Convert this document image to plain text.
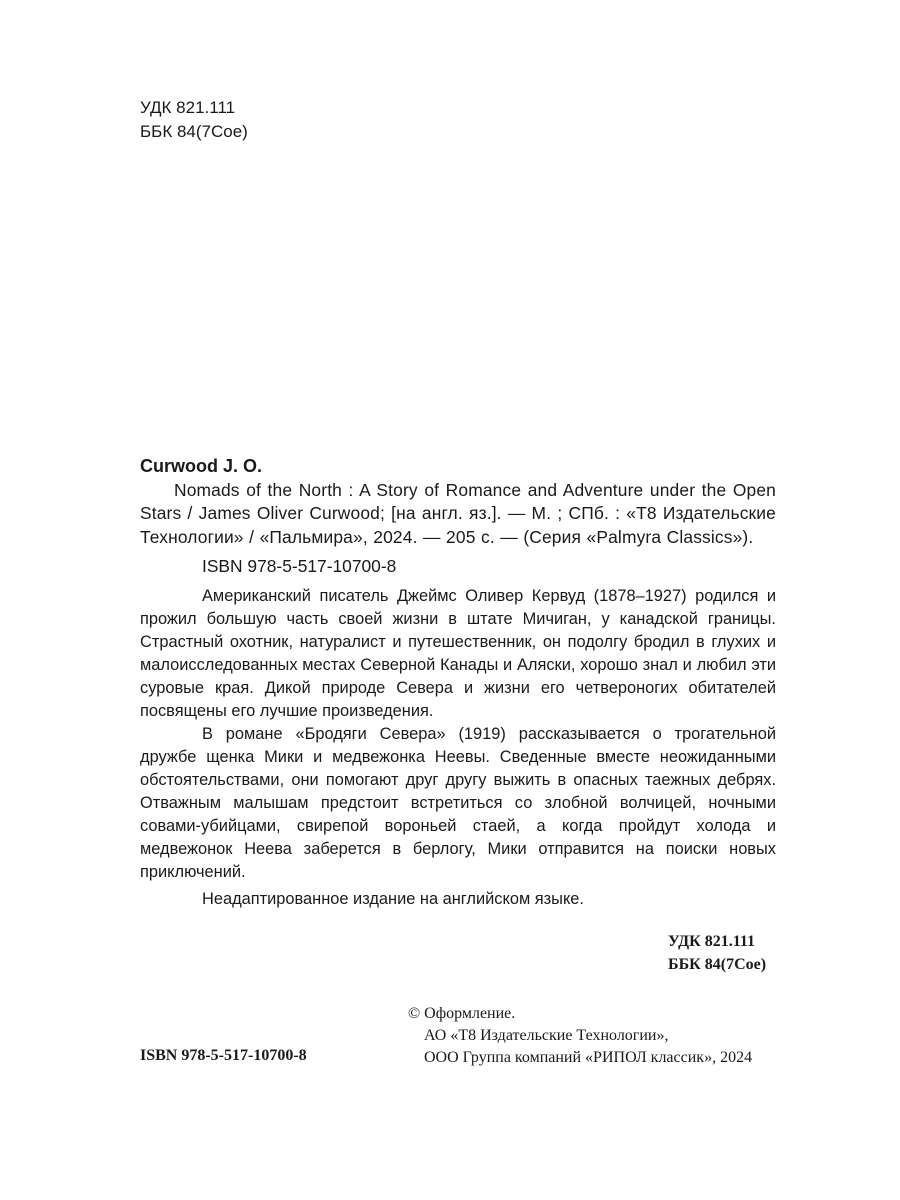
УДК 821.111
ББК 84(7Сое)
Curwood J. O.
Nomads of the North : A Story of Romance and Adventure under the Open Stars / James Oliver Curwood; [на англ. яз.]. — М. ; СПб. : «Т8 Издательские Технологии» / «Пальмира», 2024. — 205 с. — (Серия «Palmyra Classics»).
ISBN 978-5-517-10700-8

Американский писатель Джеймс Оливер Кервуд (1878–1927) родился и прожил большую часть своей жизни в штате Мичиган, у канадской границы. Страстный охотник, натуралист и путешественник, он подолгу бродил в глухих и малоисследованных местах Северной Канады и Аляски, хорошо знал и любил эти суровые края. Дикой природе Севера и жизни его четвероногих обитателей посвящены его лучшие произведения.

В романе «Бродяги Севера» (1919) рассказывается о трогательной дружбе щенка Мики и медвежонка Неевы. Сведенные вместе неожиданными обстоятельствами, они помогают друг другу выжить в опасных таежных дебрях. Отважным малышам предстоит встретиться со злобной волчицей, ночными совами-убийцами, свирепой вороньей стаей, а когда пройдут холода и медвежонок Неева заберется в берлогу, Мики отправится на поиски новых приключений.

Неадаптированное издание на английском языке.

УДК 821.111
ББК 84(7Сое)
© Оформление.
АО «Т8 Издательские Технологии»,
ООО Группа компаний «РИПОЛ классик», 2024
ISBN 978-5-517-10700-8
